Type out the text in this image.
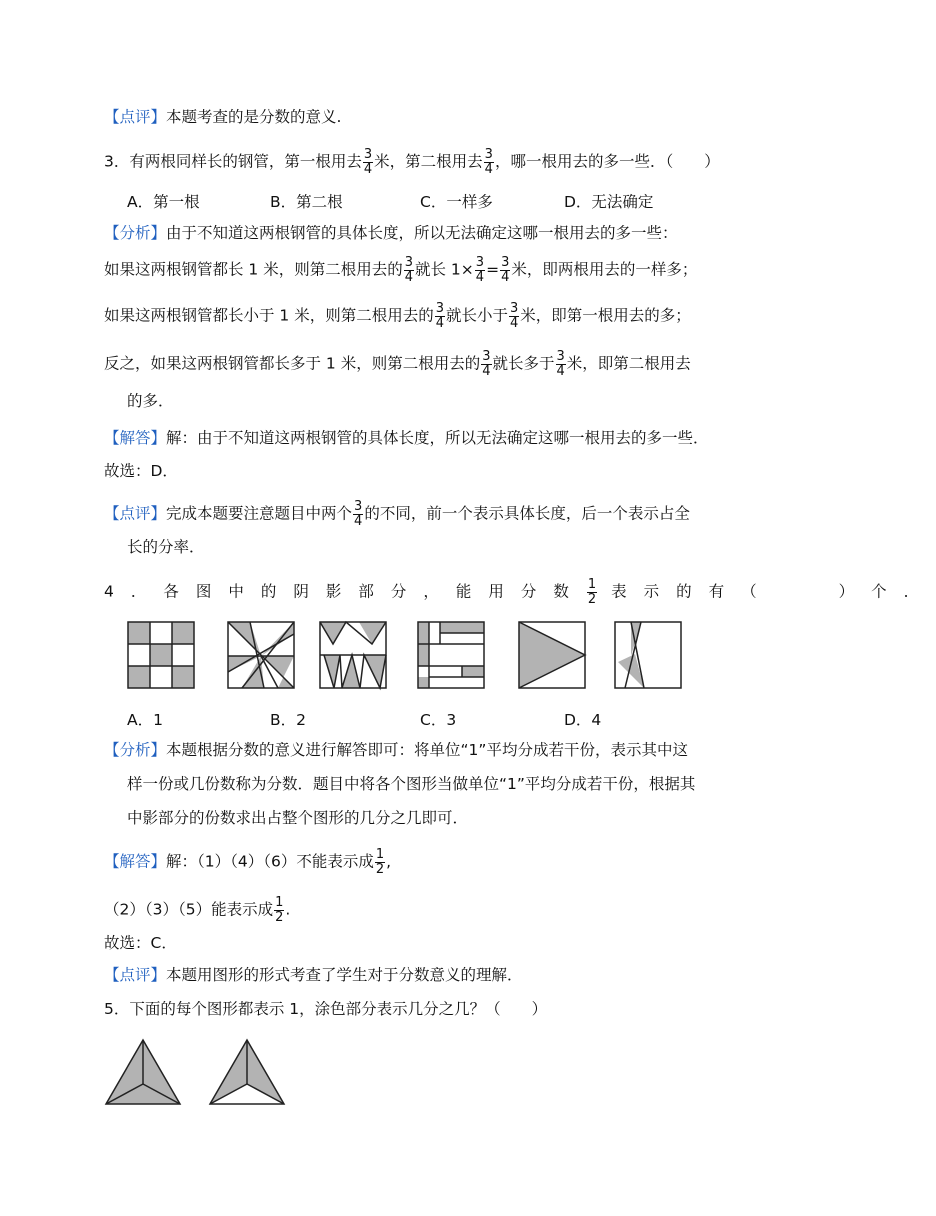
【点评】本题考查的是分数的意义.
3．有两根同样长的钢管，第一根用去 $\frac{3}{4}$ 米，第二根用去 $\frac{3}{4}$ ，哪一根用去的多一些．（　　）
A．第一根	B．第二根	C．一样多	D．无法确定
【分析】由于不知道这两根钢管的具体长度，所以无法确定这哪一根用去的多一些：
如果这两根钢管都长 1 米，则第二根用去的 $\frac{3}{4}$ 就长 $1\times \frac{3}{4} = \frac{3}{4}$ 米，即两根用去的一样多；
如果这两根钢管都长小于 1 米，则第二根用去的 $\frac{3}{4}$ 就长小于 $\frac{3}{4}$ 米，即第一根用去的多；
反之，如果这两根钢管都长多于 1 米，则第二根用去的 $\frac{3}{4}$ 就长多于 $\frac{3}{4}$ 米，即第二根用去
的多．
【解答】解：由于不知道这两根钢管的具体长度，所以无法确定这哪一根用去的多一些．
故选：D．
【点评】完成本题要注意题目中两个 $\frac{3}{4}$ 的不同，前一个表示具体长度，后一个表示占全
长的分率．
4．各图中的阴影部分，能用分数 $\frac{1}{2}$ 表示的有（　　）个．
A．1	B．2	C．3	D．4
【分析】本题根据分数的意义进行解答即可：将单位“1”平均分成若干份，表示其中这
样一份或几份数称为分数．题目中将各个图形当做单位“1”平均分成若干份，根据其
中影部分的份数求出占整个图形的几分之几即可．
【解答】解：（1）（4）（6）不能表示成 $\frac{1}{2}$ ,
（2）（3）（5）能表示成 $\frac{1}{2}$ .
故选：C．
【点评】本题用图形的形式考查了学生对于分数意义的理解．
5．下面的每个图形都表示 1，涂色部分表示几分之几？（　　）
